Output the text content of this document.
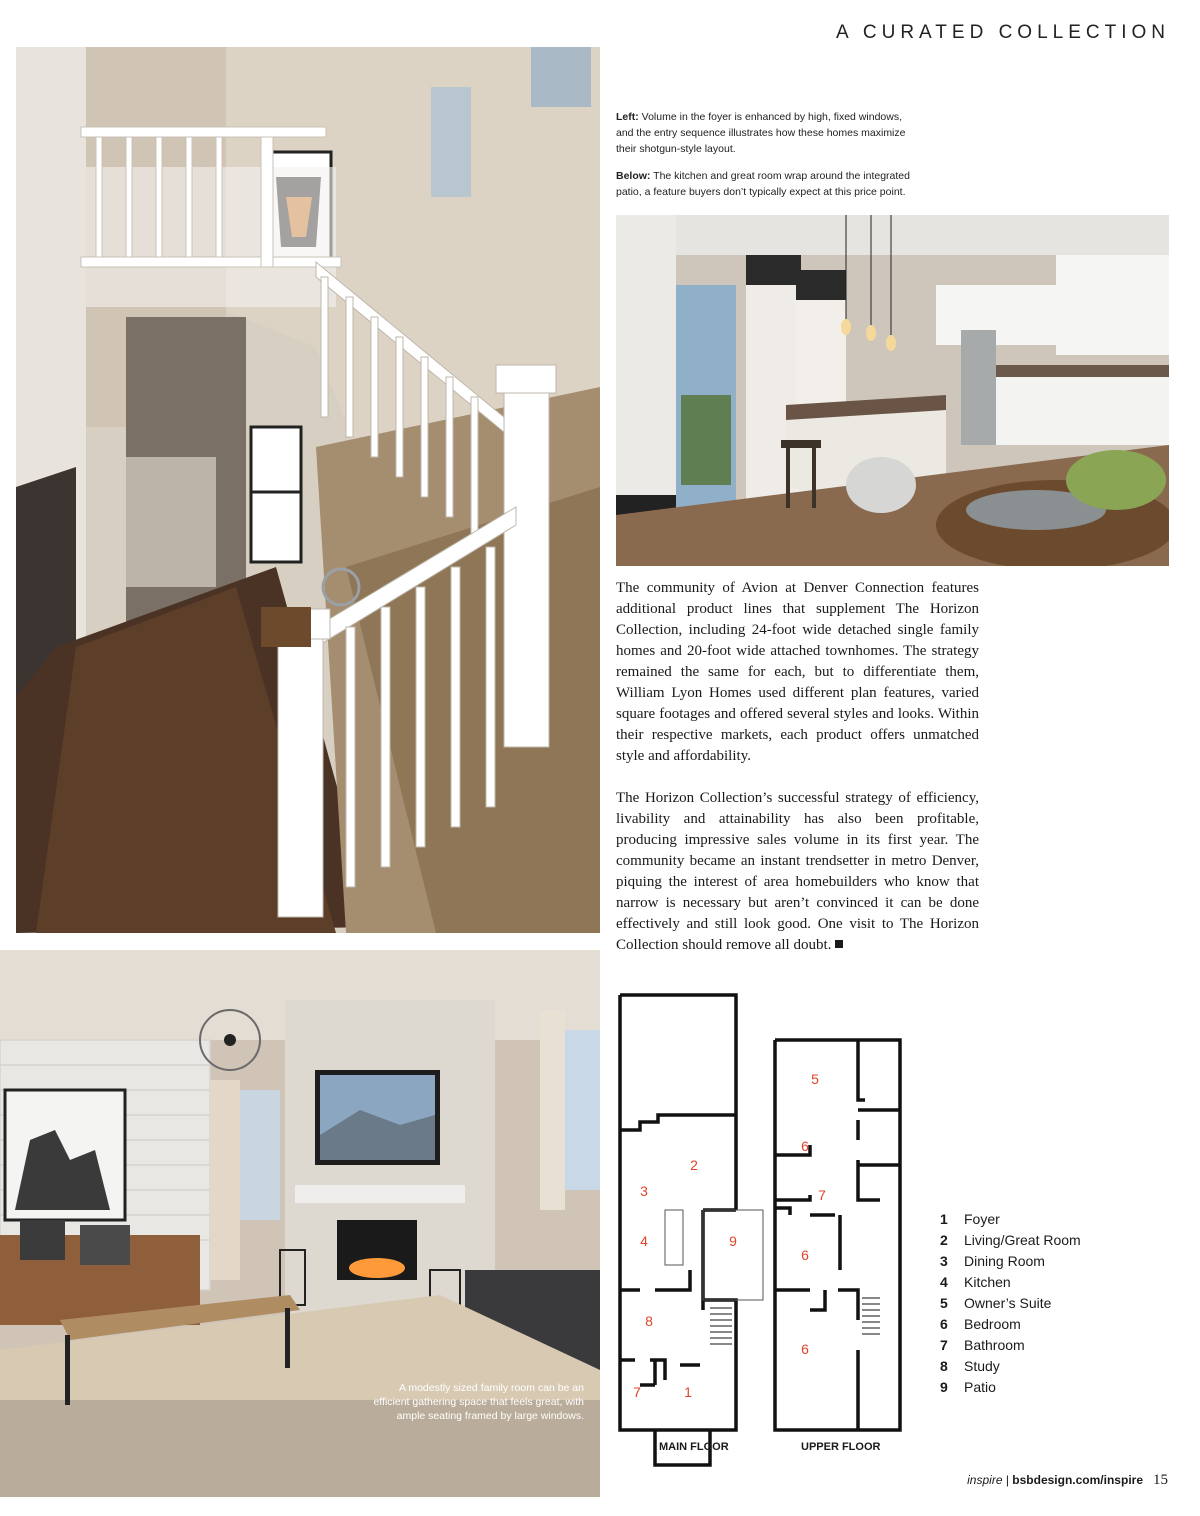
A CURATED COLLECTION

Left: Volume in the foyer is enhanced by high, fixed windows, and the entry sequence illustrates how these homes maximize their shotgun-style layout.

Below: The kitchen and great room wrap around the integrated patio, a feature buyers don’t typically expect at this price point.

The community of Avion at Denver Connection features additional product lines that supplement The Horizon Collection, including 24-foot wide detached single family homes and 20-foot wide attached townhomes. The strategy remained the same for each, but to differentiate them, William Lyon Homes used different plan features, varied square footages and offered several styles and looks. Within their respective markets, each product offers unmatched style and affordability.

The Horizon Collection’s successful strategy of efficiency, livability and attainability has also been profitable, producing impressive sales volume in its first year. The community became an instant trendsetter in metro Denver, piquing the interest of area homebuilders who know that narrow is necessary but aren’t convinced it can be done effectively and still look good. One visit to The Horizon Collection should remove all doubt.

A modestly sized family room can be an efficient gathering space that feels great, with ample seating framed by large windows.
2
3
4	9
8
7	1
5
6
7
6
6
MAIN FLOOR	UPPER FLOOR
1	Foyer
2	Living/Great Room
3	Dining Room
4	Kitchen
5	Owner’s Suite
6	Bedroom
7	Bathroom
8	Study
9	Patio
inspire | bsbdesign.com/inspire 15
